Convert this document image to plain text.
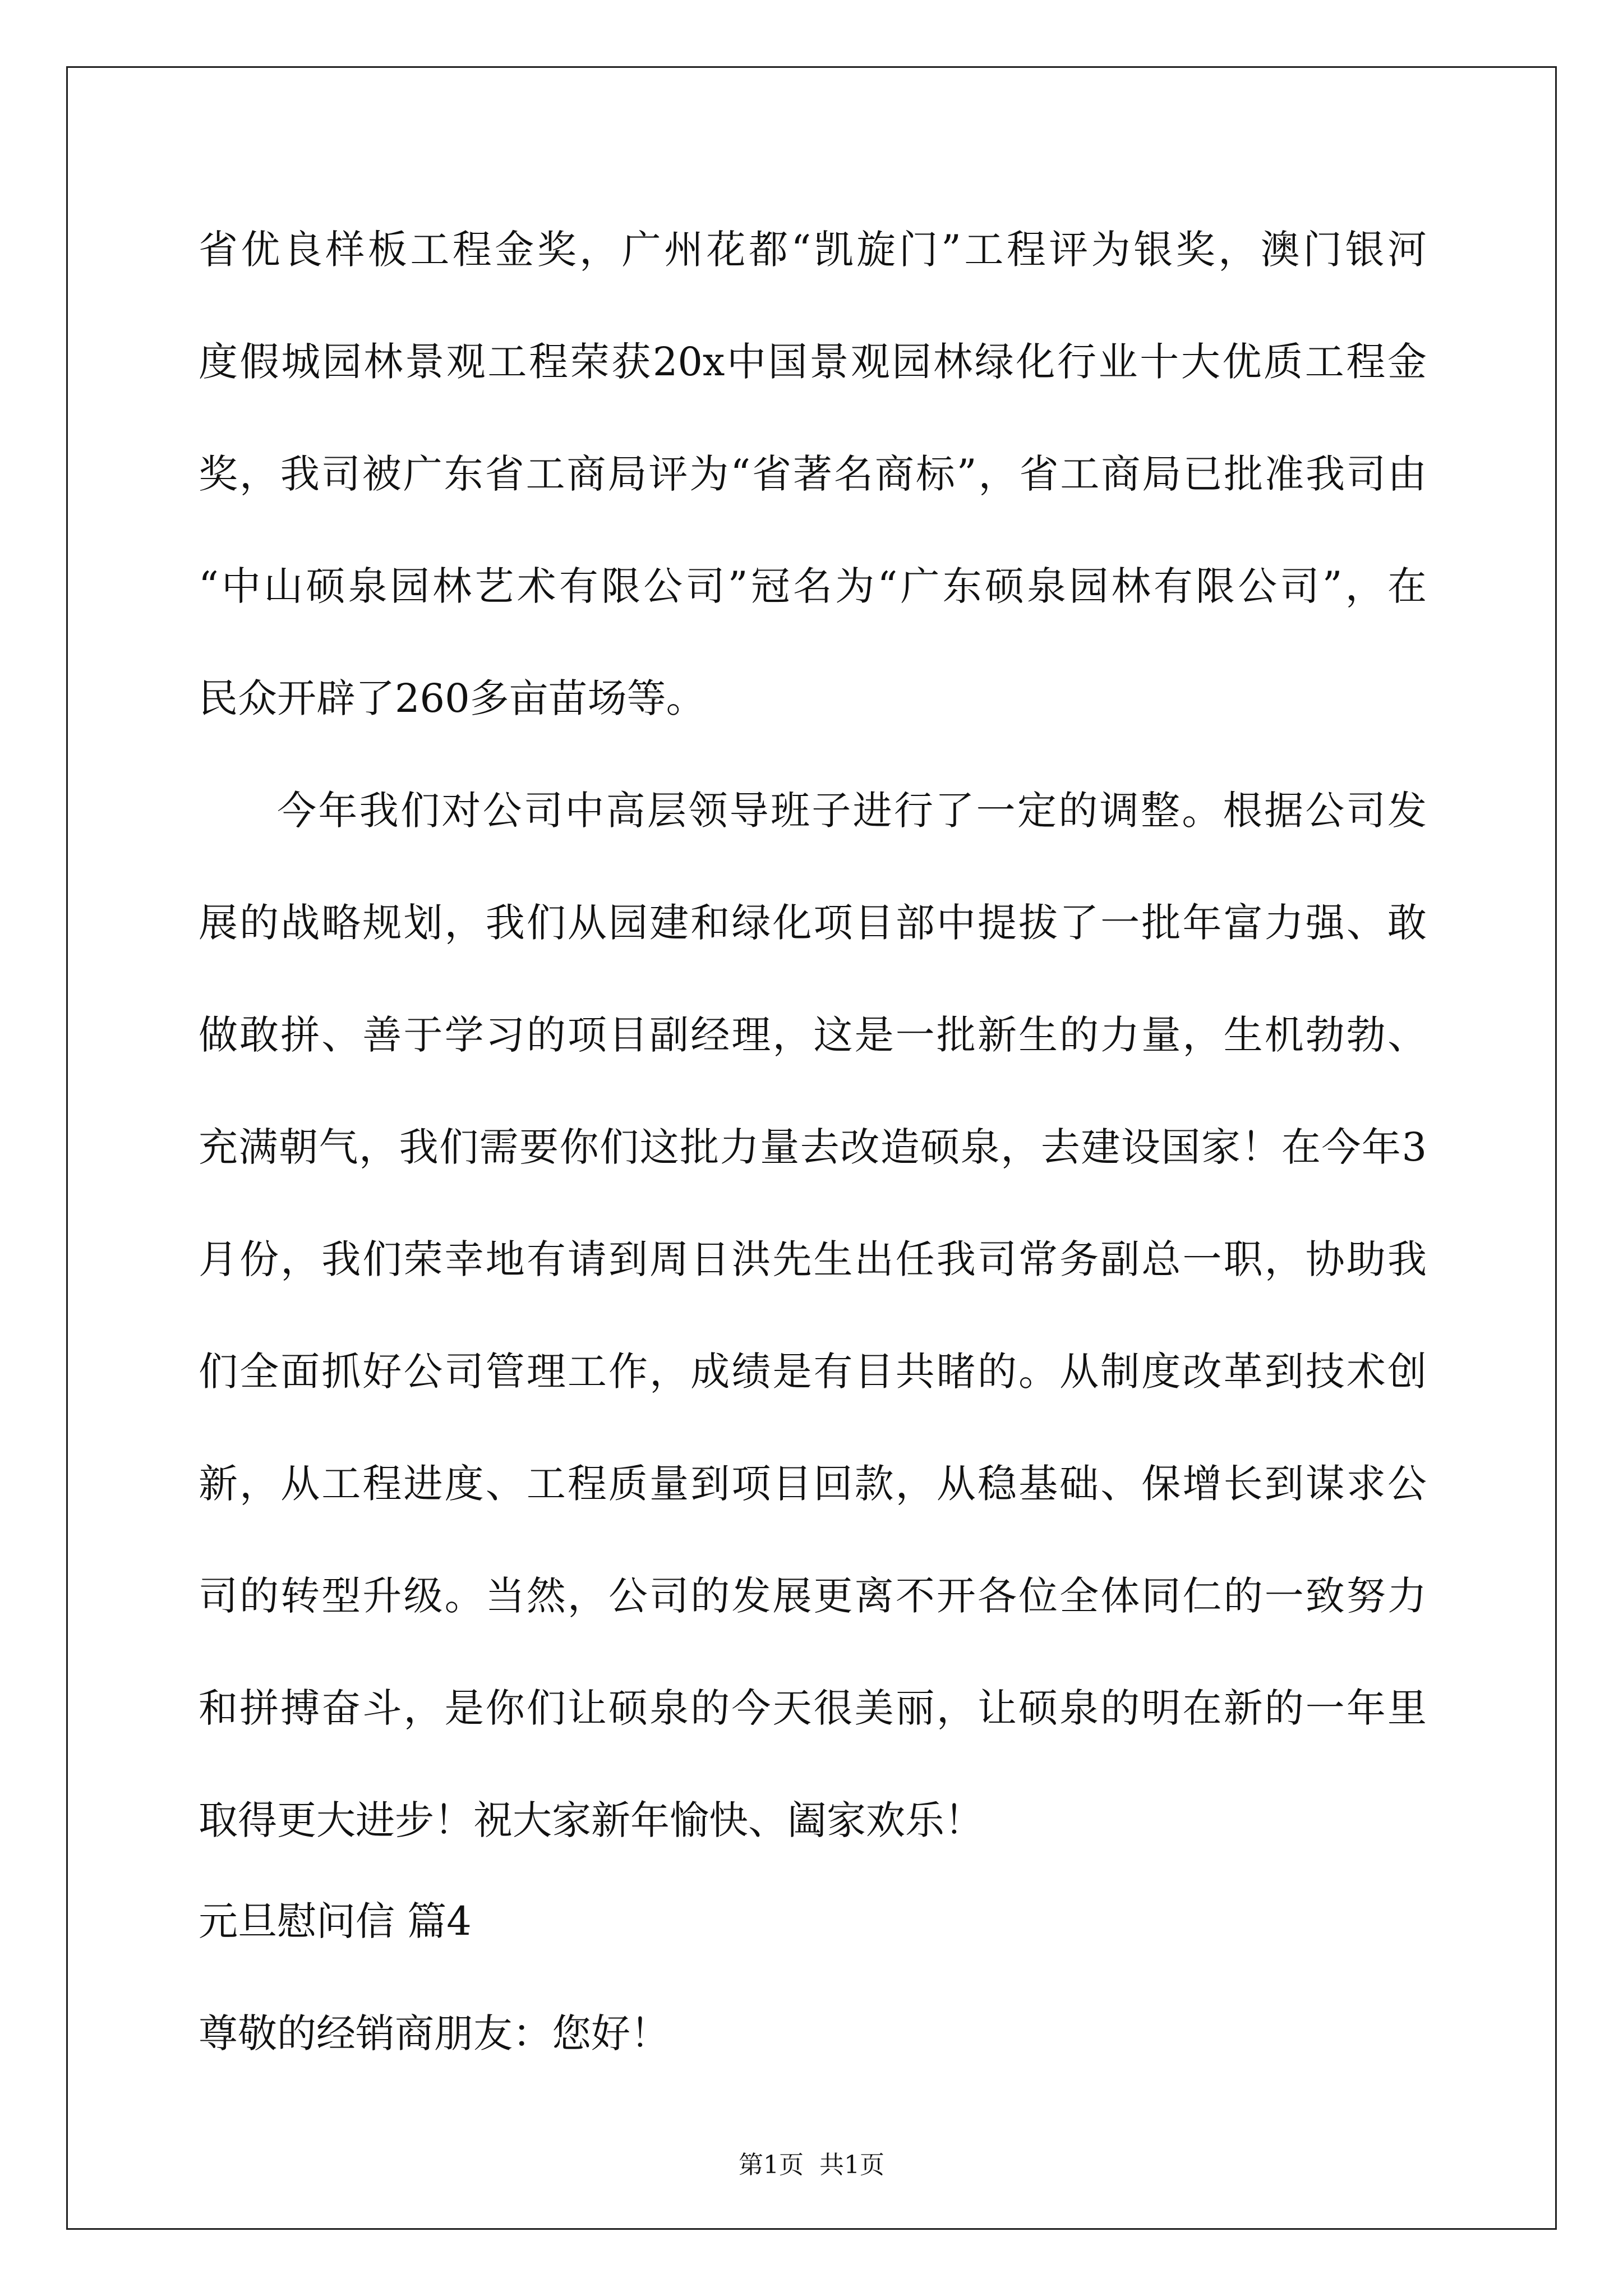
省优良样板工程金奖，广州花都“凯旋门”工程评为银奖，澳门银河
度假城园林景观工程荣获20x中国景观园林绿化行业十大优质工程金
奖，我司被广东省工商局评为“省著名商标”，省工商局已批准我司由
“中山硕泉园林艺术有限公司”冠名为“广东硕泉园林有限公司”，在
民众开辟了260多亩苗场等。
今年我们对公司中高层领导班子进行了一定的调整。根据公司发
展的战略规划，我们从园建和绿化项目部中提拔了一批年富力强、敢
做敢拼、善于学习的项目副经理，这是一批新生的力量，生机勃勃、
充满朝气，我们需要你们这批力量去改造硕泉，去建设国家！在今年3
月份，我们荣幸地有请到周日洪先生出任我司常务副总一职，协助我
们全面抓好公司管理工作，成绩是有目共睹的。从制度改革到技术创
新，从工程进度、工程质量到项目回款，从稳基础、保增长到谋求公
司的转型升级。当然，公司的发展更离不开各位全体同仁的一致努力
和拼搏奋斗，是你们让硕泉的今天很美丽，让硕泉的明在新的一年里
取得更大进步！祝大家新年愉快、阖家欢乐！
元旦慰问信 篇4
尊敬的经销商朋友：您好！
第1页  共1页
